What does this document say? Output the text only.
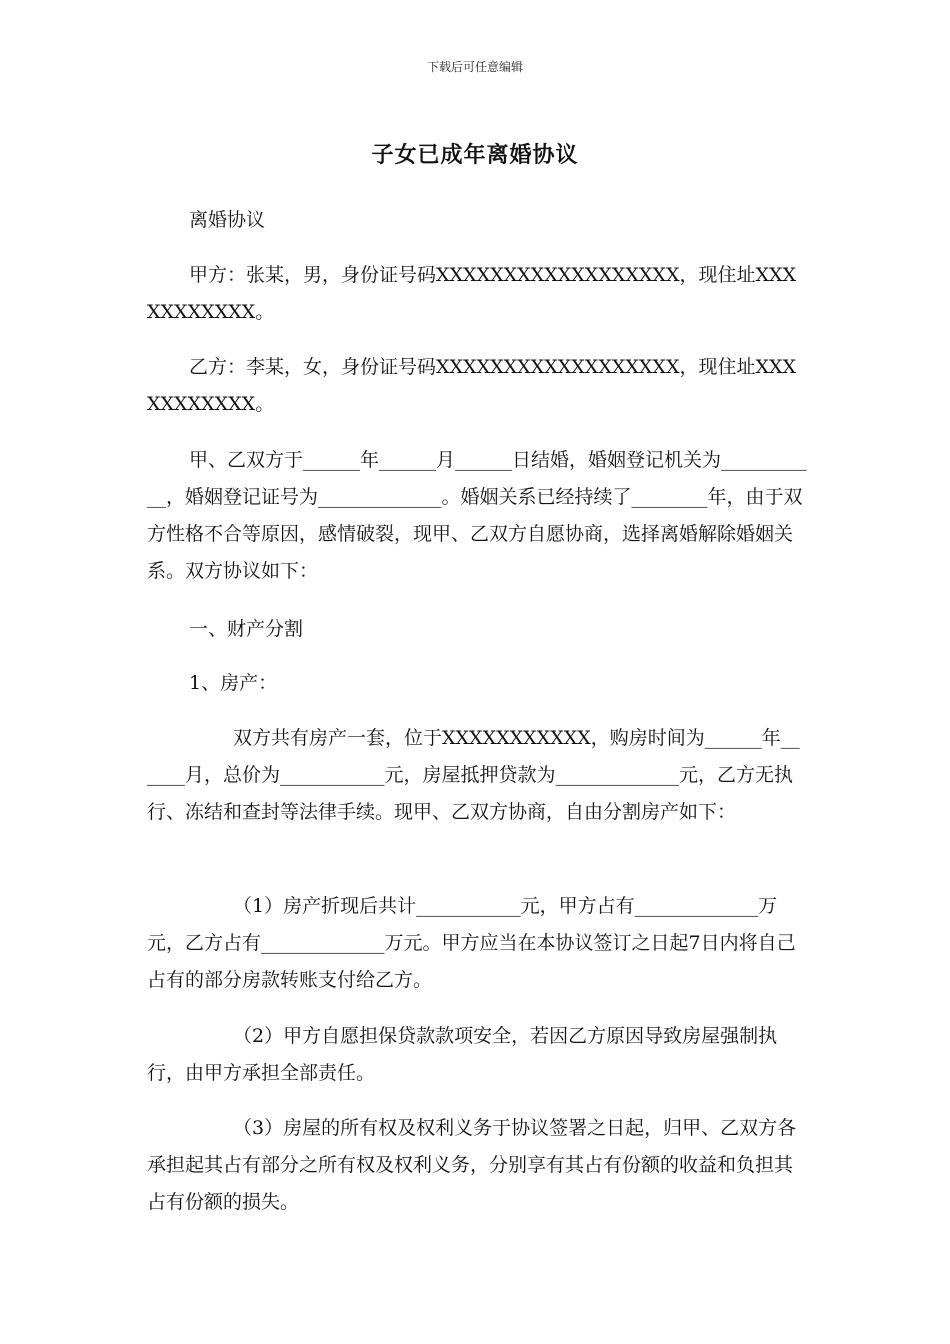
下载后可任意编辑
子女已成年离婚协议

离婚协议

甲方：张某，男，身份证号码XXXXXXXXXXXXXXXXXX，现住址XXXXXXXXXXX。

乙方：李某，女，身份证号码XXXXXXXXXXXXXXXXXX，现住址XXXXXXXXXXX。

甲、乙双方于______年______月______日结婚，婚姻登记机关为___________，婚姻登记证号为_____________。婚姻关系已经持续了________年，由于双方性格不合等原因，感情破裂，现甲、乙双方自愿协商，选择离婚解除婚姻关系。双方协议如下：

一、财产分割

1、房产：

双方共有房产一套，位于XXXXXXXXXXX，购房时间为______年______月，总价为___________元，房屋抵押贷款为_____________元，乙方无执行、冻结和查封等法律手续。现甲、乙双方协商，自由分割房产如下：

（1）房产折现后共计___________元，甲方占有_____________万元，乙方占有_____________万元。甲方应当在本协议签订之日起7日内将自己占有的部分房款转账支付给乙方。

（2）甲方自愿担保贷款款项安全，若因乙方原因导致房屋强制执行，由甲方承担全部责任。

（3）房屋的所有权及权利义务于协议签署之日起，归甲、乙双方各承担起其占有部分之所有权及权利义务，分别享有其占有份额的收益和负担其占有份额的损失。
